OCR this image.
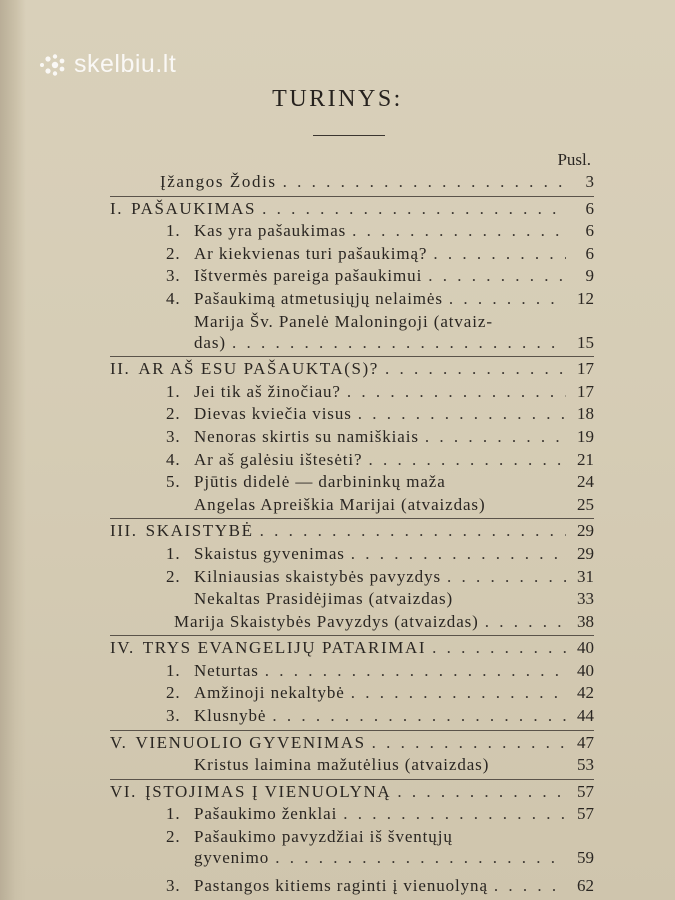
skelbiu.lt
TURINYS:
Pusl.
Įžangos Žodis . . .	3
I. PAŠAUKIMAS . . .	6
1. Kas yra pašaukimas . . .	6
2. Ar kiekvienas turi pašaukimą? . . .	6
3. Ištvermės pareiga pašaukimui . . .	9
4. Pašaukimą atmetusiųjų nelaimės . . .	12
Marija Šv. Panelė Maloningoji (atvaiz-
das) . . .	15
II. AR AŠ ESU PAŠAUKTA(S)? . . .	17
1. Jei tik aš žinočiau? . . .	17
2. Dievas kviečia visus . . .	18
3. Nenoras skirtis su namiškiais . . .	19
4. Ar aš galėsiu ištesėti? . . .	21
5. Pjūtis didelė — darbininkų maža	24
Angelas Apreiškia Marijai (atvaizdas)	25
III. SKAISTYBĖ . . .	29
1. Skaistus gyvenimas . . .	29
2. Kilniausias skaistybės pavyzdys . . .	31
Nekaltas Prasidėjimas (atvaizdas)	33
Marija Skaistybės Pavyzdys (atvaizdas) . . .	38
IV. TRYS EVANGELIJŲ PATARIMAI . . .	40
1. Neturtas . . .	40
2. Amžinoji nekaltybė . . .	42
3. Klusnybė . . .	44
V. VIENUOLIO GYVENIMAS . . .	47
Kristus laimina mažutėlius (atvaizdas)	53
VI. ĮSTOJIMAS Į VIENUOLYNĄ . . .	57
1. Pašaukimo ženklai . . .	57
2. Pašaukimo pavyzdžiai iš šventųjų
gyvenimo . . .	59
3. Pastangos kitiems raginti į vienuolyną . . .	62
